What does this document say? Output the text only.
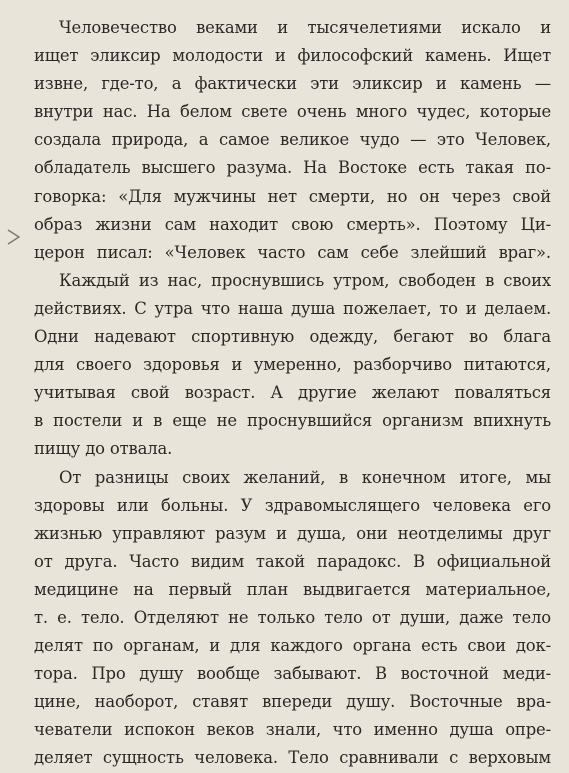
Человечество веками и тысячелетиями искало и
ищет эликсир молодости и философский камень. Ищет
извне, где-то, а фактически эти эликсир и камень —
внутри нас. На белом свете очень много чудес, которые
создала природа, а самое великое чудо — это Человек,
обладатель высшего разума. На Востоке есть такая по-
говорка: «Для мужчины нет смерти, но он через свой
образ жизни сам находит свою смерть». Поэтому Ци-
церон писал: «Человек часто сам себе злейший враг».
Каждый из нас, проснувшись утром, свободен в своих
действиях. С утра что наша душа пожелает, то и делаем.
Одни надевают спортивную одежду, бегают во блага
для своего здоровья и умеренно, разборчиво питаются,
учитывая свой возраст. А другие желают поваляться
в постели и в еще не проснувшийся организм впихнуть
пищу до отвала.
От разницы своих желаний, в конечном итоге, мы
здоровы или больны. У здравомыслящего человека его
жизнью управляют разум и душа, они неотделимы друг
от друга. Часто видим такой парадокс. В официальной
медицине на первый план выдвигается материальное,
т. е. тело. Отделяют не только тело от души, даже тело
делят по органам, и для каждого органа есть свои док-
тора. Про душу вообще забывают. В восточной меди-
цине, наоборот, ставят впереди душу. Восточные вра-
чеватели испокон веков знали, что именно душа опре-
деляет сущность человека. Тело сравнивали с верховым
